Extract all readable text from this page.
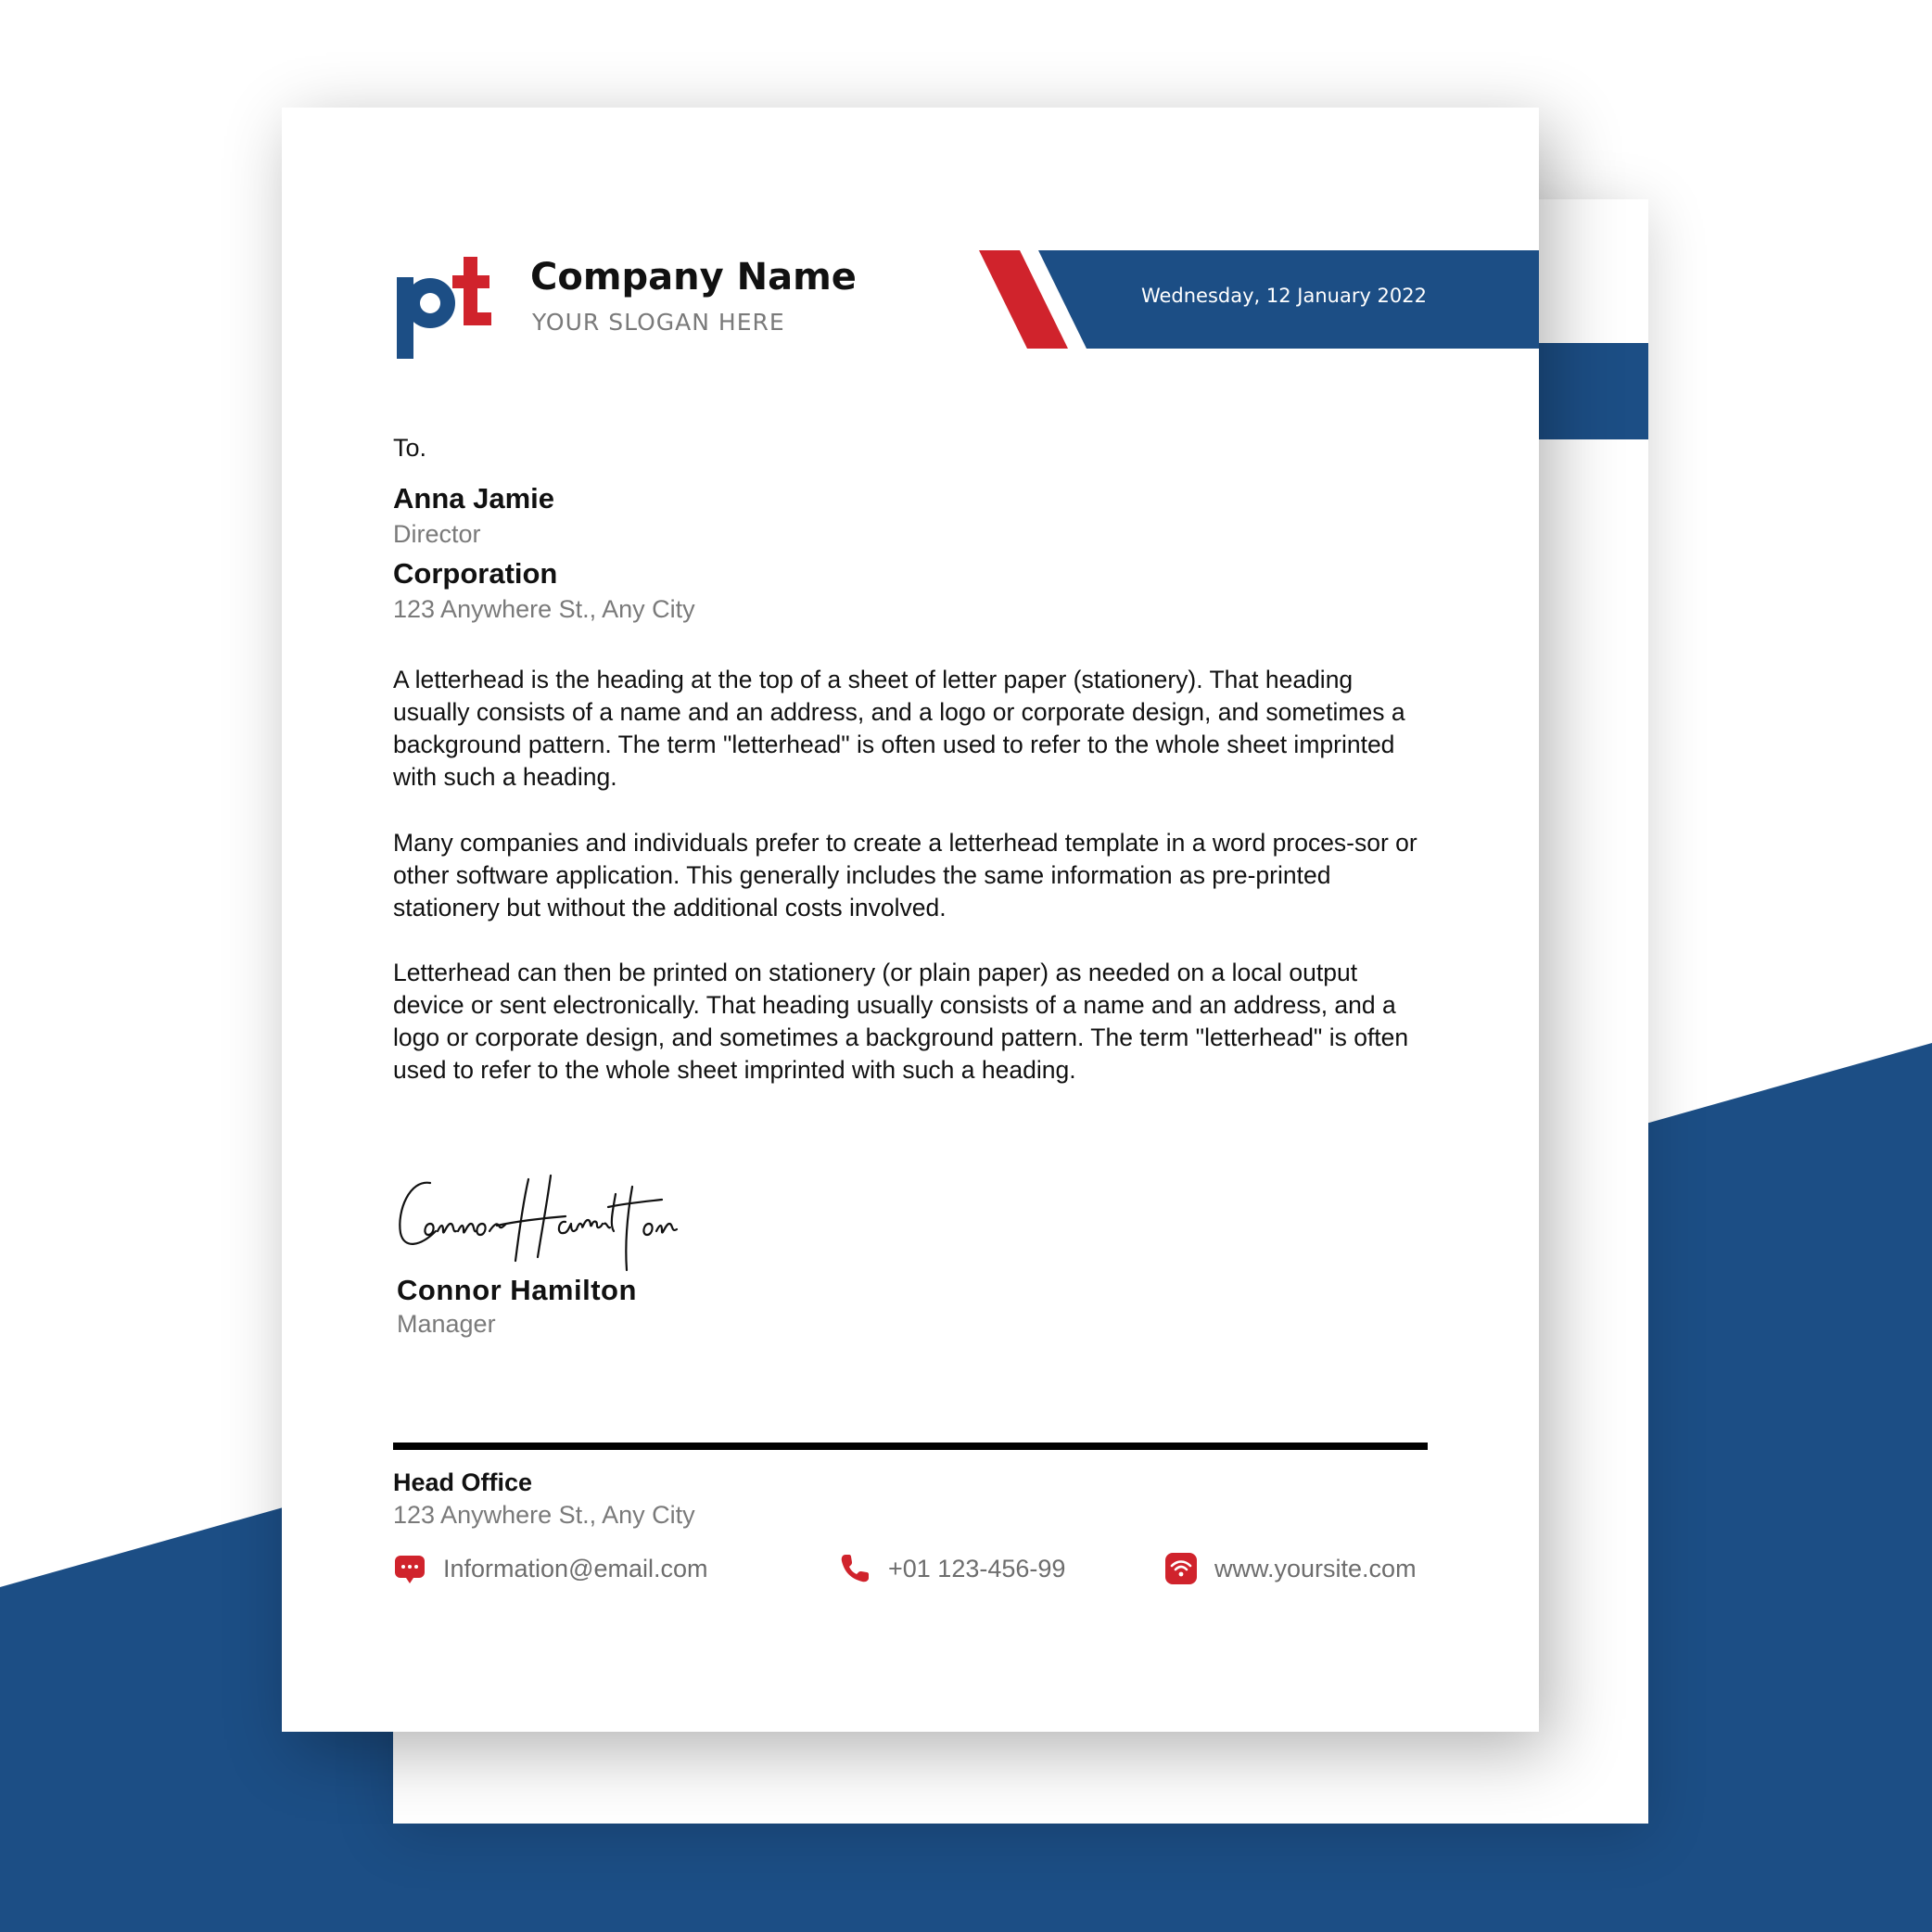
Company Name
YOUR SLOGAN HERE
Wednesday, 12 January 2022
To.
Anna Jamie
Director
Corporation
123 Anywhere St., Any City

A letterhead is the heading at the top of a sheet of letter paper (stationery). That heading usually consists of a name and an address, and a logo or corporate design, and sometimes a background pattern. The term "letterhead" is often used to refer to the whole sheet imprinted with such a heading.

Many companies and individuals prefer to create a letterhead template in a word proces-sor or other software application. This generally includes the same information as pre-printed stationery but without the additional costs involved.

Letterhead can then be printed on stationery (or plain paper) as needed on a local output device or sent electronically. That heading usually consists of a name and an address, and a logo or corporate design, and sometimes a background pattern. The term "letterhead" is often used to refer to the whole sheet imprinted with such a heading.

Connor Hamilton
Manager
Head Office
123 Anywhere St., Any City
Information@email.com	+01 123-456-99	www.yoursite.com
